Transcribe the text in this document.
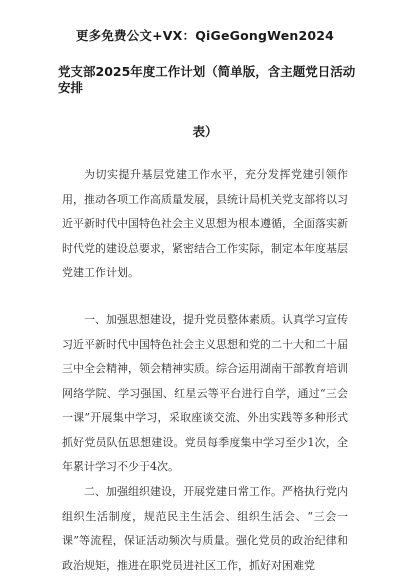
更多免费公文+VX：QiGeGongWen2024
党支部2025年度工作计划（简单版，含主题党日活动安排
表）

为切实提升基层党建工作水平，充分发挥党建引领作用，推动各项工作高质量发展，县统计局机关党支部将以习近平新时代中国特色社会主义思想为根本遵循，全面落实新时代党的建设总要求，紧密结合工作实际，制定本年度基层党建工作计划。

一、加强思想建设，提升党员整体素质。认真学习宣传习近平新时代中国特色社会主义思想和党的二十大和二十届三中全会精神，领会精神实质。综合运用湖南干部教育培训网络学院、学习强国、红星云等平台进行自学，通过“三会一课”开展集中学习，采取座谈交流、外出实践等多种形式抓好党员队伍思想建设。党员每季度集中学习至少1次，全年累计学习不少于4次。

二、加强组织建设，开展党建日常工作。严格执行党内组织生活制度，规范民主生活会、组织生活会、“三会一课”等流程，保证活动频次与质量。强化党员的政治纪律和政治规矩，推进在职党员进社区工作，抓好对困难党
